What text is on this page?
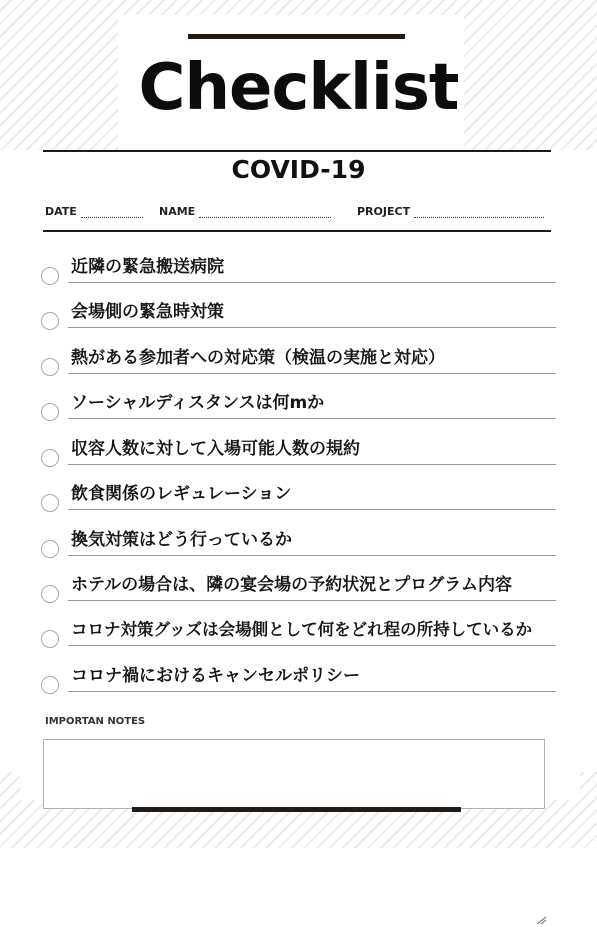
Checklist
COVID-19
DATE	NAME	PROJECT
近隣の緊急搬送病院
会場側の緊急時対策
熱がある参加者への対応策（検温の実施と対応）
ソーシャルディスタンスは何mか
収容人数に対して入場可能人数の規約
飲食関係のレギュレーション
換気対策はどう行っているか
ホテルの場合は、隣の宴会場の予約状況とプログラム内容
コロナ対策グッズは会場側として何をどれ程の所持しているか
コロナ禍におけるキャンセルポリシー
IMPORTAN NOTES
